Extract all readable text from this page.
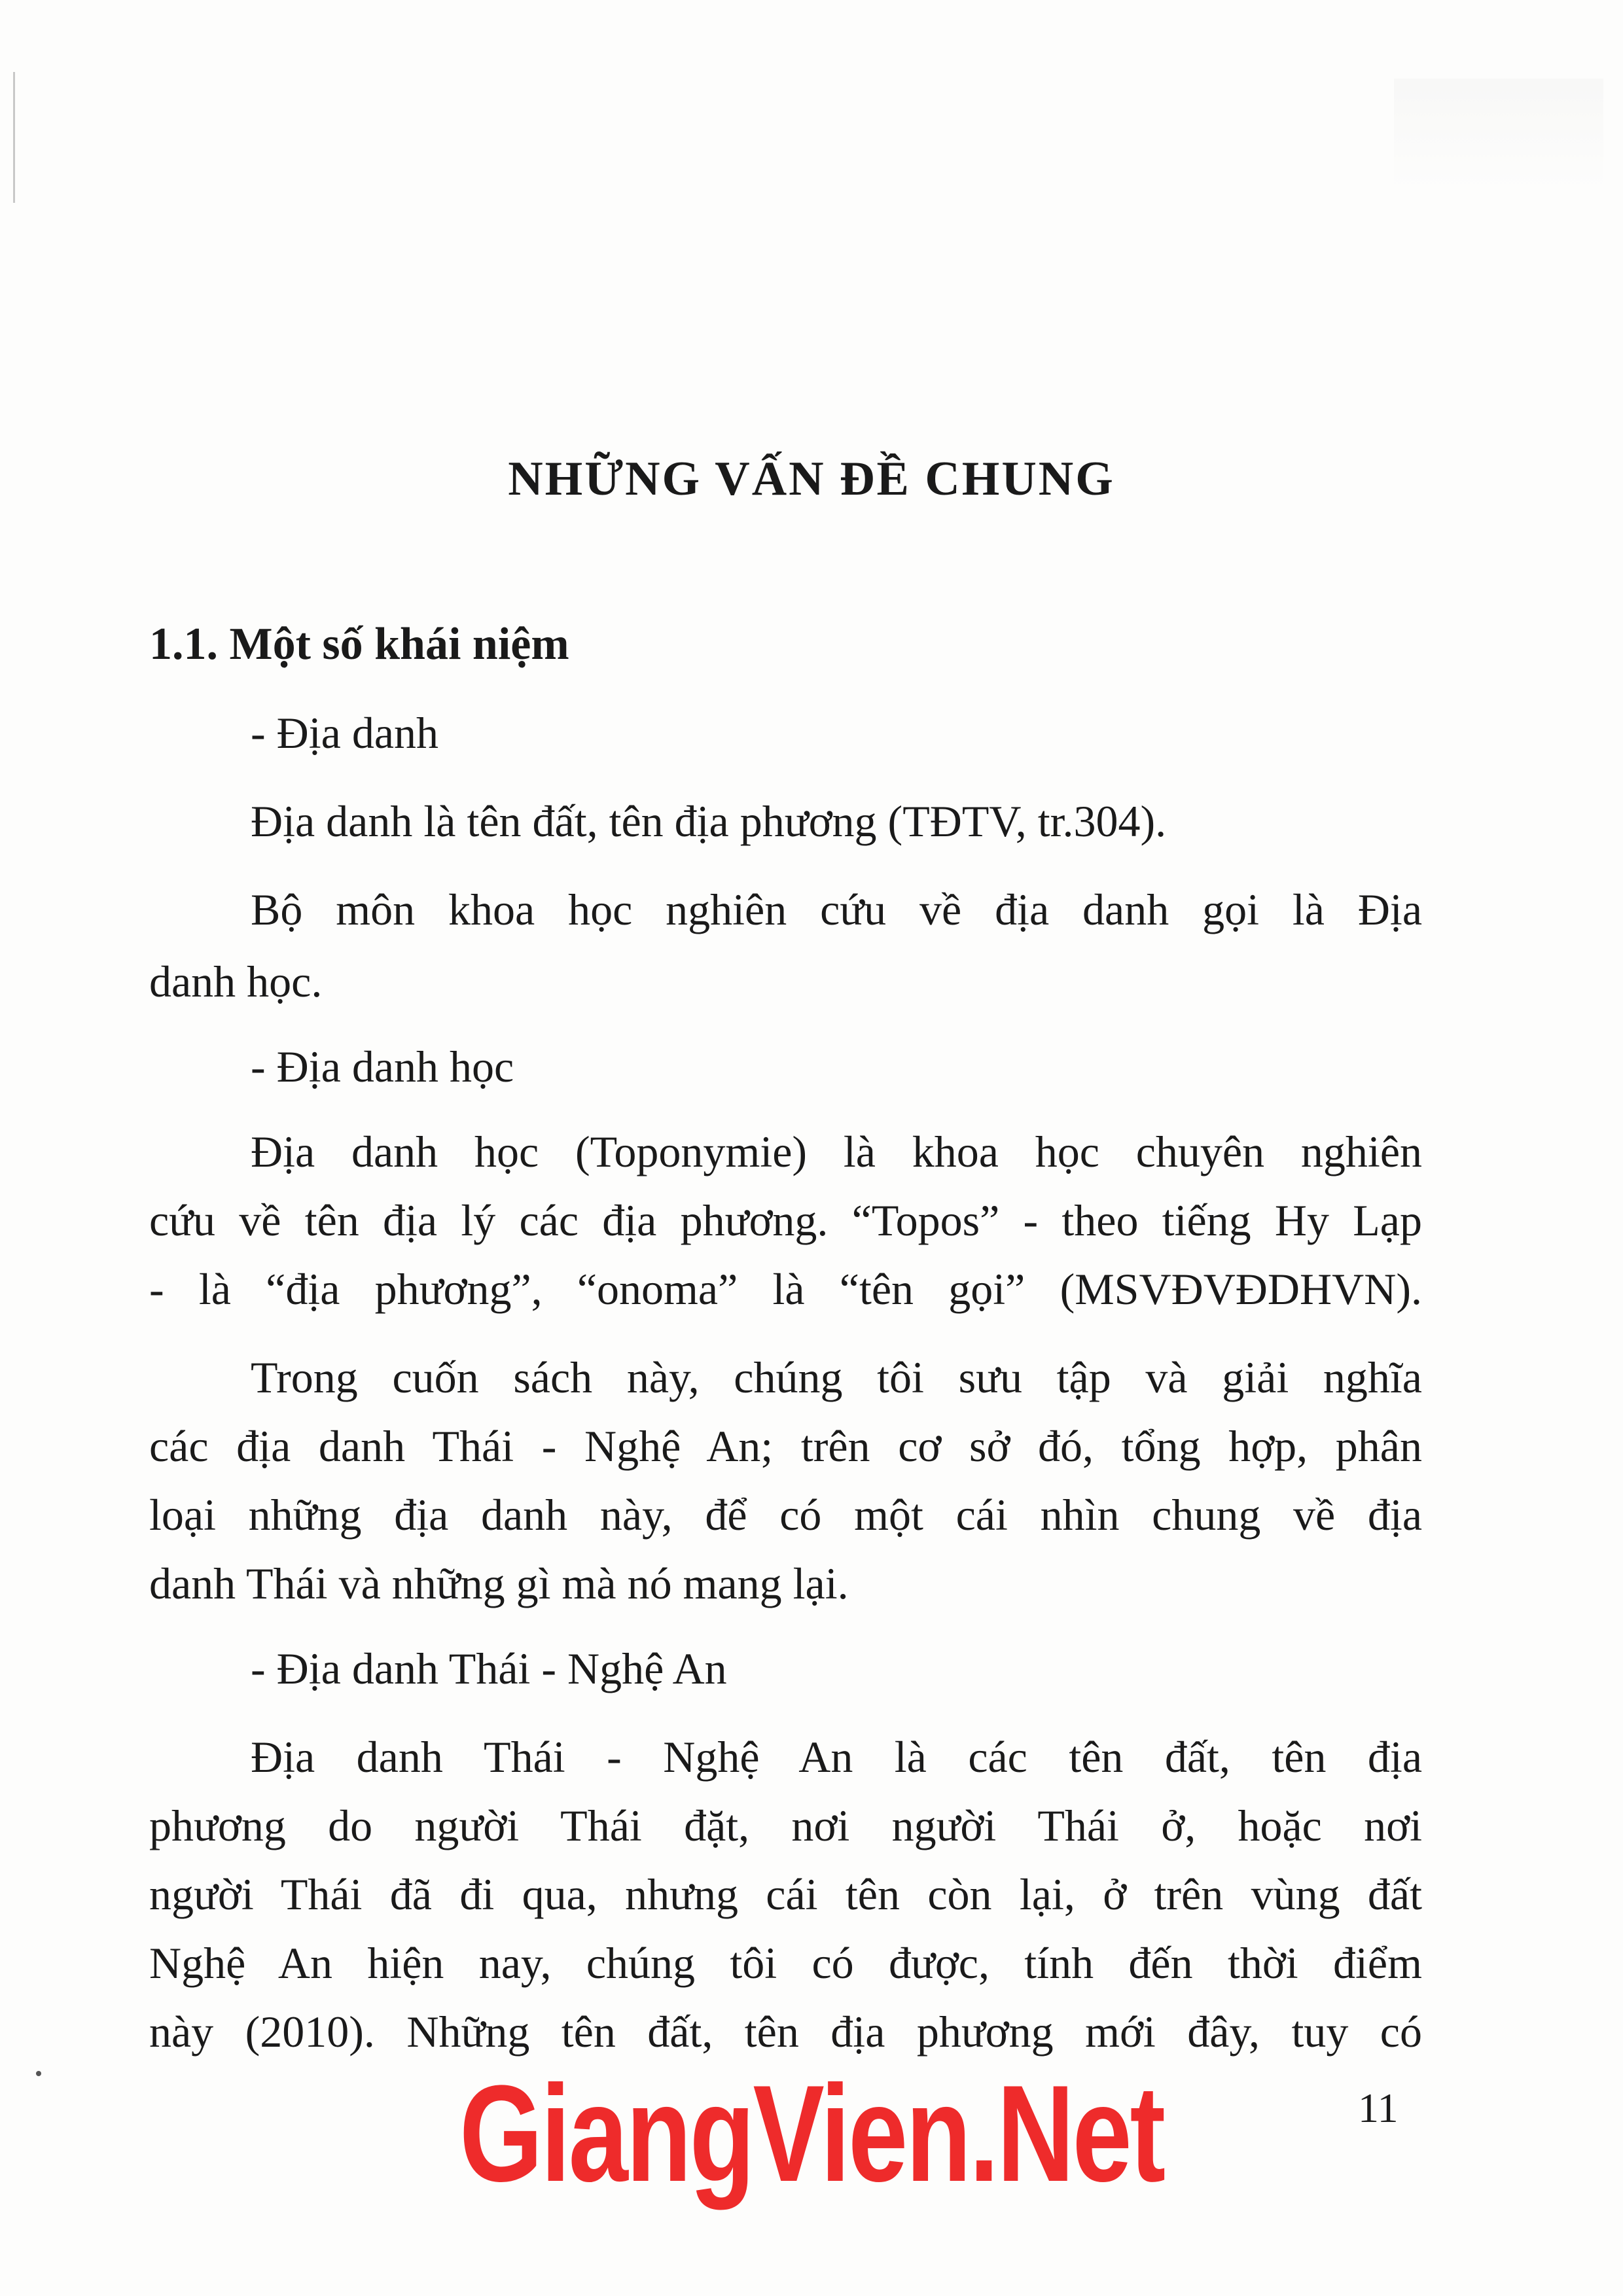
NHỮNG VẤN ĐỀ CHUNG
1.1. Một số khái niệm
- Địa danh
Địa danh là tên đất, tên địa phương (TĐTV, tr.304).
Bộ môn khoa học nghiên cứu về địa danh gọi là Địa
danh học.
- Địa danh học
Địa danh học (Toponymie) là khoa học chuyên nghiên
cứu về tên địa lý các địa phương. “Topos” - theo tiếng Hy Lạp
- là “địa phương”, “onoma” là “tên gọi” (MSVĐVĐDHVN).
Trong cuốn sách này, chúng tôi sưu tập và giải nghĩa
các địa danh Thái - Nghệ An; trên cơ sở đó, tổng hợp, phân
loại những địa danh này, để có một cái nhìn chung về địa
danh Thái và những gì mà nó mang lại.
- Địa danh Thái - Nghệ An
Địa danh Thái - Nghệ An là các tên đất, tên địa
phương do người Thái đặt, nơi người Thái ở, hoặc nơi
người Thái đã đi qua, nhưng cái tên còn lại, ở trên vùng đất
Nghệ An hiện nay, chúng tôi có được, tính đến thời điểm
này (2010). Những tên đất, tên địa phương mới đây, tuy có
GiangVien.Net	11
